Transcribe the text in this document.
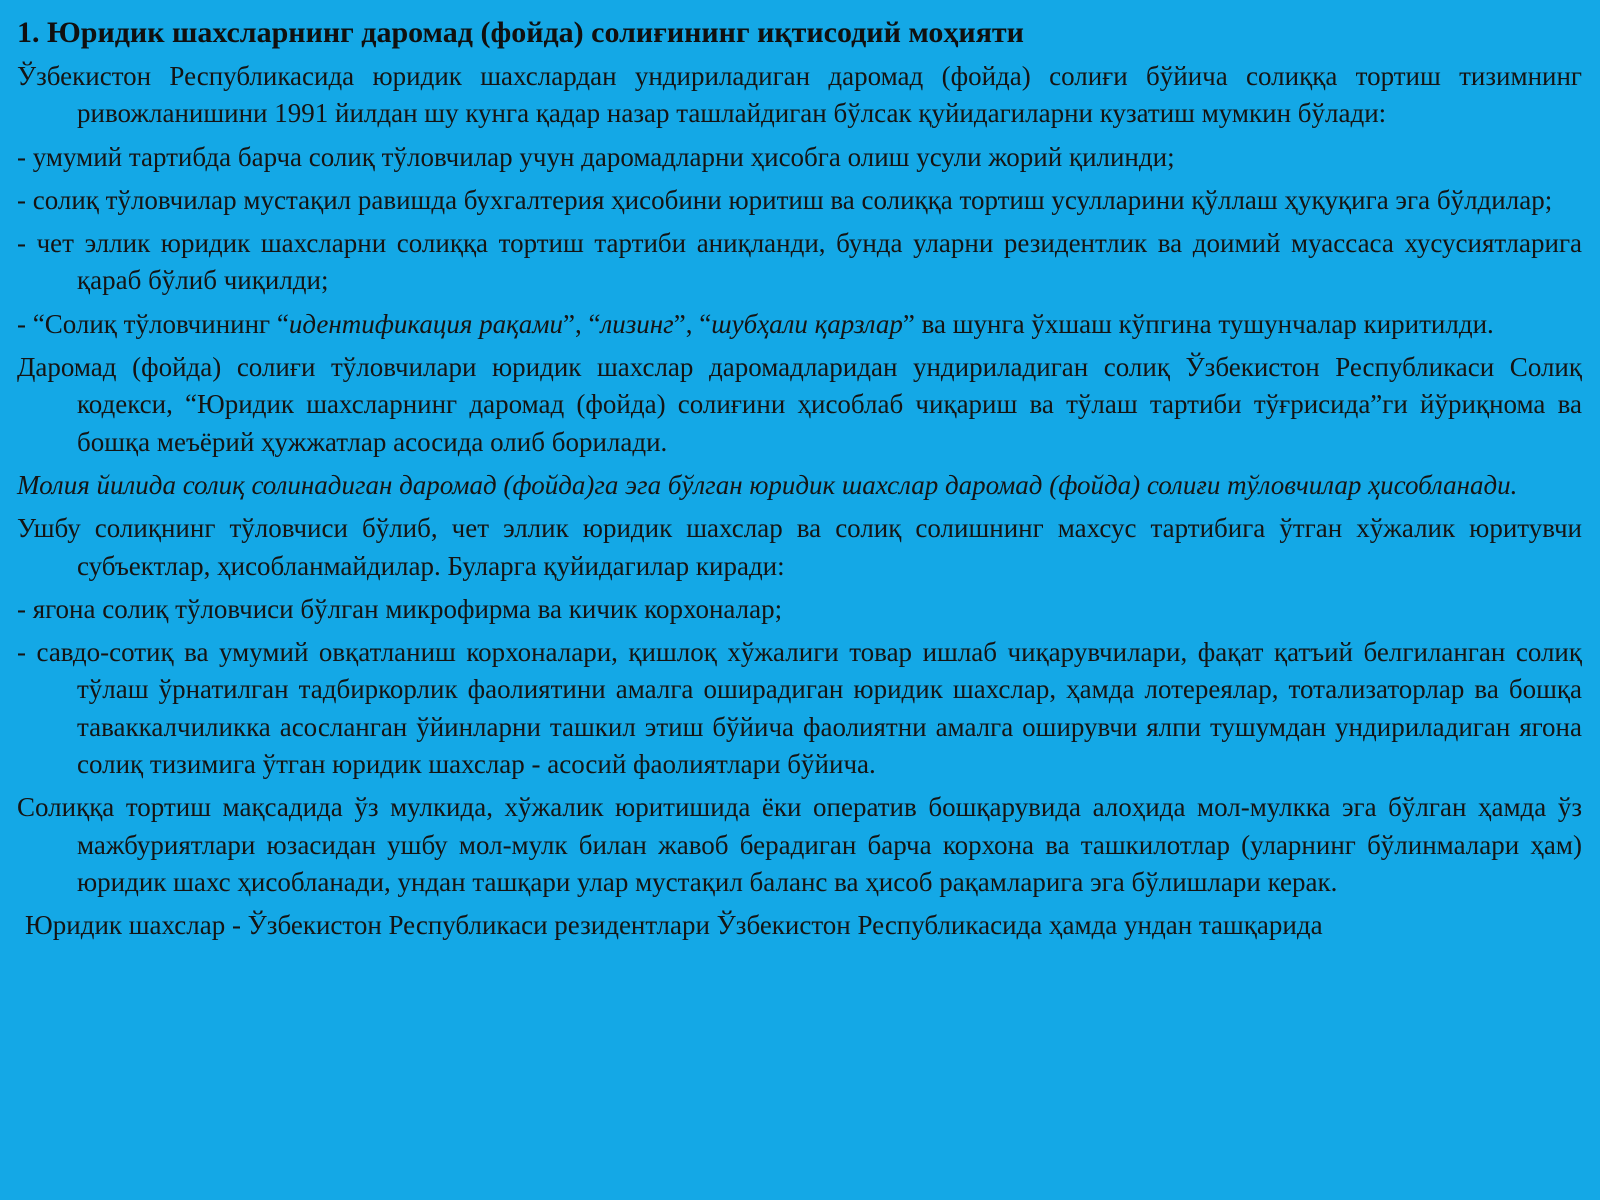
1. Юридик шахсларнинг даромад (фойда) солиғининг иқтисодий моҳияти

Ўзбекистон Республикасида юридик шахслардан ундириладиган даромад (фойда) солиғи бўйича солиққа тортиш тизимнинг ривожланишини 1991 йилдан шу кунга қадар назар ташлайдиган бўлсак қуйидагиларни кузатиш мумкин бўлади:

- умумий тартибда барча солиқ тўловчилар учун даромадларни ҳисобга олиш усули жорий қилинди;

- солиқ тўловчилар мустақил равишда бухгалтерия ҳисобини юритиш ва солиққа тортиш усулларини қўллаш ҳуқуқига эга бўлдилар;

- чет эллик юридик шахсларни солиққа тортиш тартиби аниқланди, бунда уларни резидентлик ва доимий муассаса хусусиятларига қараб бўлиб чиқилди;

- “Солиқ тўловчининг “идентификация рақами”, “лизинг”, “шубҳали қарзлар” ва шунга ўхшаш кўпгина тушунчалар киритилди.

Даромад (фойда) солиғи тўловчилари юридик шахслар даромадларидан ундириладиган солиқ Ўзбекистон Республикаси Солиқ кодекси, “Юридик шахсларнинг даромад (фойда) солиғини ҳисоблаб чиқариш ва тўлаш тартиби тўғрисида”ги йўриқнома ва бошқа меъёрий ҳужжатлар асосида олиб борилади.

Молия йилида солиқ солинадиган даромад (фойда)га эга бўлган юридик шахслар даромад (фойда) солиғи тўловчилар ҳисобланади.

Ушбу солиқнинг тўловчиси бўлиб, чет эллик юридик шахслар ва солиқ солишнинг махсус тартибига ўтган хўжалик юритувчи субъектлар, ҳисобланмайдилар. Буларга қуйидагилар киради:

- ягона солиқ тўловчиси бўлган микрофирма ва кичик корхоналар;

- савдо-сотиқ ва умумий овқатланиш корхоналари, қишлоқ хўжалиги товар ишлаб чиқарувчилари, фақат қатъий белгиланган солиқ тўлаш ўрнатилган тадбиркорлик фаолиятини амалга оширадиган юридик шахслар, ҳамда лотереялар, тотализаторлар ва бошқа таваккалчиликка асосланган ўйинларни ташкил этиш бўйича фаолиятни амалга оширувчи ялпи тушумдан ундириладиган ягона солиқ тизимига ўтган юридик шахслар - асосий фаолиятлари бўйича.

Солиққа тортиш мақсадида ўз мулкида, хўжалик юритишида ёки оператив бошқарувида алоҳида мол-мулкка эга бўлган ҳамда ўз мажбуриятлари юзасидан ушбу мол-мулк билан жавоб берадиган барча корхона ва ташкилотлар (уларнинг бўлинмалари ҳам) юридик шахс ҳисобланади, ундан ташқари улар мустақил баланс ва ҳисоб рақамларига эга бўлишлари керак.

Юридик шахслар - Ўзбекистон Республикаси резидентлари Ўзбекистон Республикасида ҳамда ундан ташқарида
